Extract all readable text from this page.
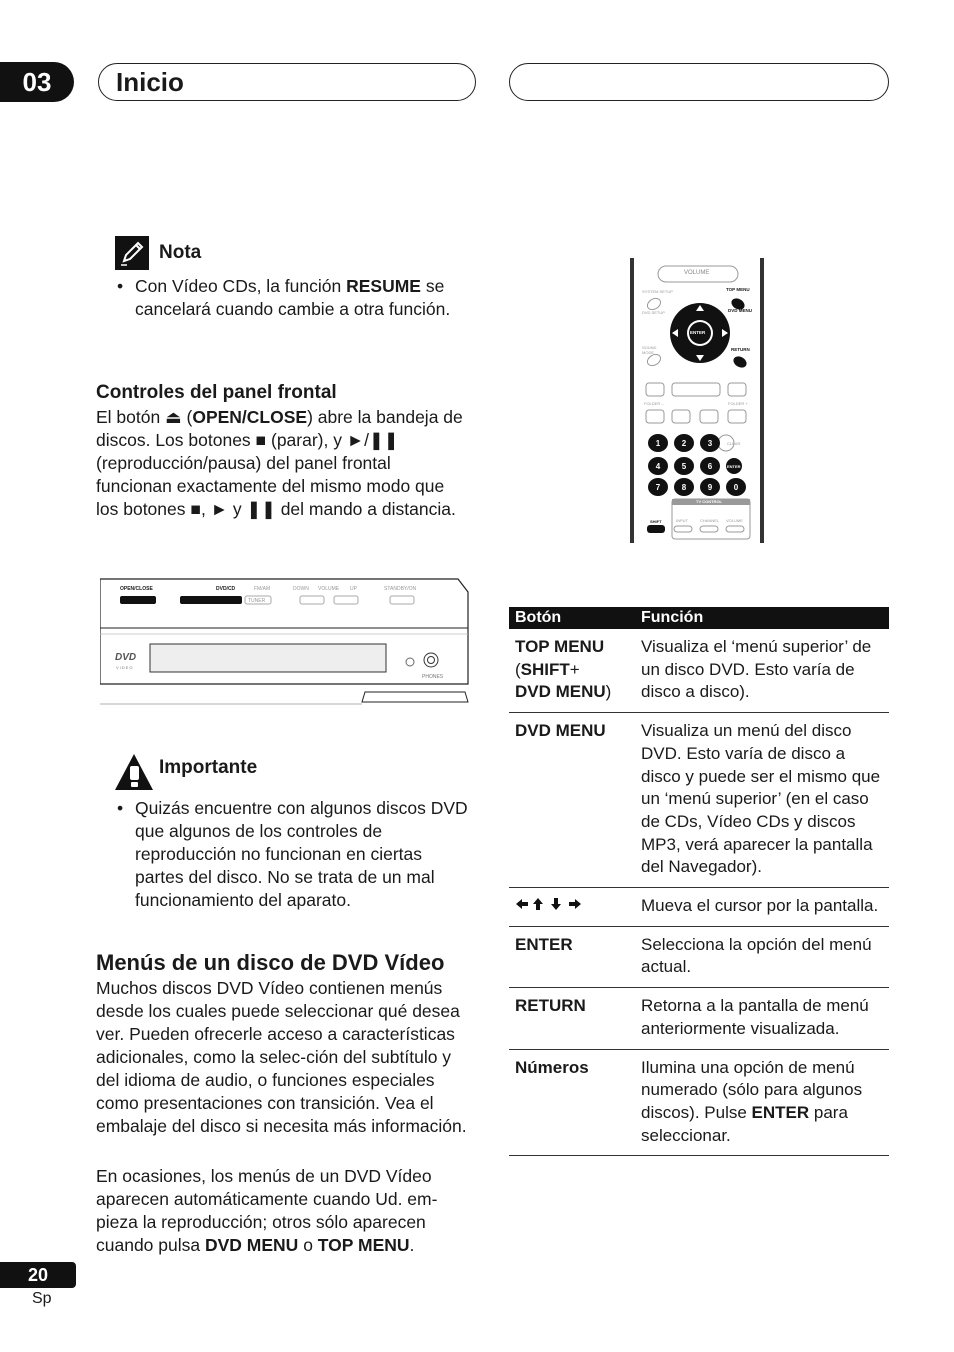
03	Inicio
Nota
• Con Vídeo CDs, la función RESUME se cancelará cuando cambie a otra función.
Controles del panel frontal
El botón ⏏ (OPEN/CLOSE) abre la bandeja de discos. Los botones ■ (parar), y ►/❚❚ (reproducción/pausa) del panel frontal funcionan exactamente del mismo modo que los botones ■, ► y ❚❚ del mando a distancia.
OPEN/CLOSE	DVD/CD	FM/AM
TUNER
DOWN VOLUME UP	STANDBY/ON
PHONES
DVD
VIDEO
Importante
• Quizás encuentre con algunos discos DVD que algunos de los controles de reproducción no funcionan en ciertas partes del disco. No se trata de un mal funcionamiento del aparato.
Menús de un disco de DVD Vídeo
Muchos discos DVD Vídeo contienen menús desde los cuales puede seleccionar qué desea ver. Pueden ofrecerle acceso a características adicionales, como la selec-ción del subtítulo y del idioma de audio, o funciones especiales como presentaciones con transición. Vea el embalaje del disco si necesita más información.
En ocasiones, los menús de un DVD Vídeo aparecen automáticamente cuando Ud. em-pieza la reproducción; otros sólo aparecen cuando pulsa DVD MENU o TOP MENU.
VOLUME
TOP MENU
DVD MENU
ENTER
RETURN
SYSTEM SETUP
DVD SETUP
SOUND MODE
FOLDER –	FOLDER +
1	2	3
4	5	6
7	8	9	0
CLEAR
ENTER
TV CONTROL
SHIFT	INPUT	CHANNEL VOLUME
Botón	Función
TOP MENU
(SHIFT+
DVD MENU)	Visualiza el ‘menú superior’ de un disco DVD. Esto varía de disco a disco).
DVD MENU	Visualiza un menú del disco DVD. Esto varía de disco a disco y puede ser el mismo que un ‘menú superior’ (en el caso de CDs, Vídeo CDs y discos MP3, verá aparecer la pantalla del Navegador).
	Mueva el cursor por la pantalla.
ENTER	Selecciona la opción del menú actual.
RETURN	Retorna a la pantalla de menú anteriormente visualizada.
Números	Ilumina una opción de menú numerado (sólo para algunos discos). Pulse ENTER para seleccionar.
20
Sp
